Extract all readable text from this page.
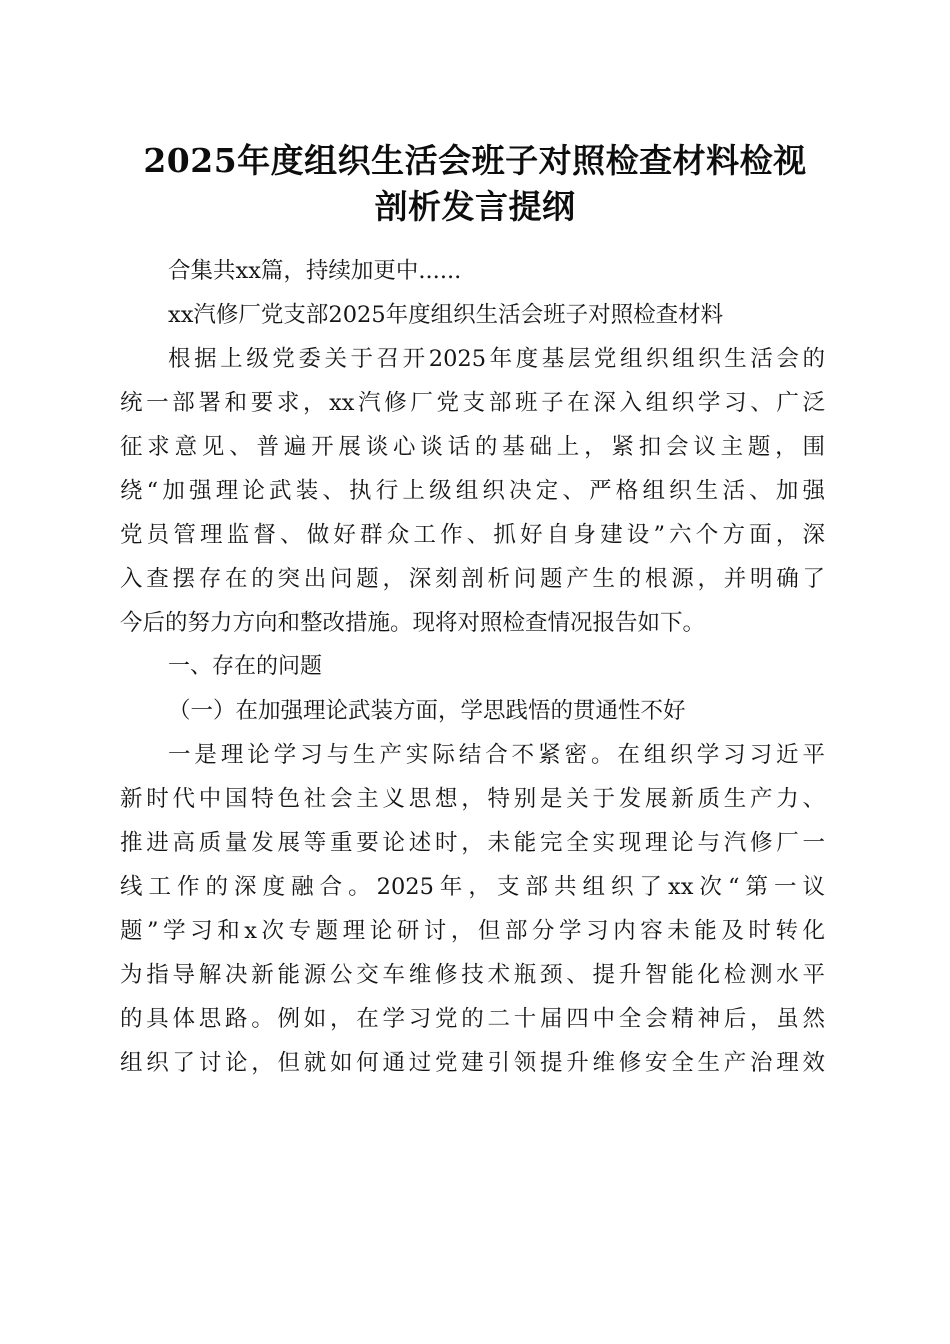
2025年度组织生活会班子对照检查材料检视
剖析发言提纲
合集共xx篇，持续加更中......
xx汽修厂党支部2025年度组织生活会班子对照检查材料
根据上级党委关于召开2025年度基层党组织组织生活会的
统一部署和要求，xx汽修厂党支部班子在深入组织学习、广泛
征求意见、普遍开展谈心谈话的基础上，紧扣会议主题，围
绕“加强理论武装、执行上级组织决定、严格组织生活、加强
党员管理监督、做好群众工作、抓好自身建设”六个方面，深
入查摆存在的突出问题，深刻剖析问题产生的根源，并明确了
今后的努力方向和整改措施。现将对照检查情况报告如下。
一、存在的问题
（一）在加强理论武装方面，学思践悟的贯通性不好
一是理论学习与生产实际结合不紧密。在组织学习习近平
新时代中国特色社会主义思想，特别是关于发展新质生产力、
推进高质量发展等重要论述时，未能完全实现理论与汽修厂一
线工作的深度融合。2025年，支部共组织了xx次“第一议
题”学习和x次专题理论研讨，但部分学习内容未能及时转化
为指导解决新能源公交车维修技术瓶颈、提升智能化检测水平
的具体思路。例如，在学习党的二十届四中全会精神后，虽然
组织了讨论，但就如何通过党建引领提升维修安全生产治理效
